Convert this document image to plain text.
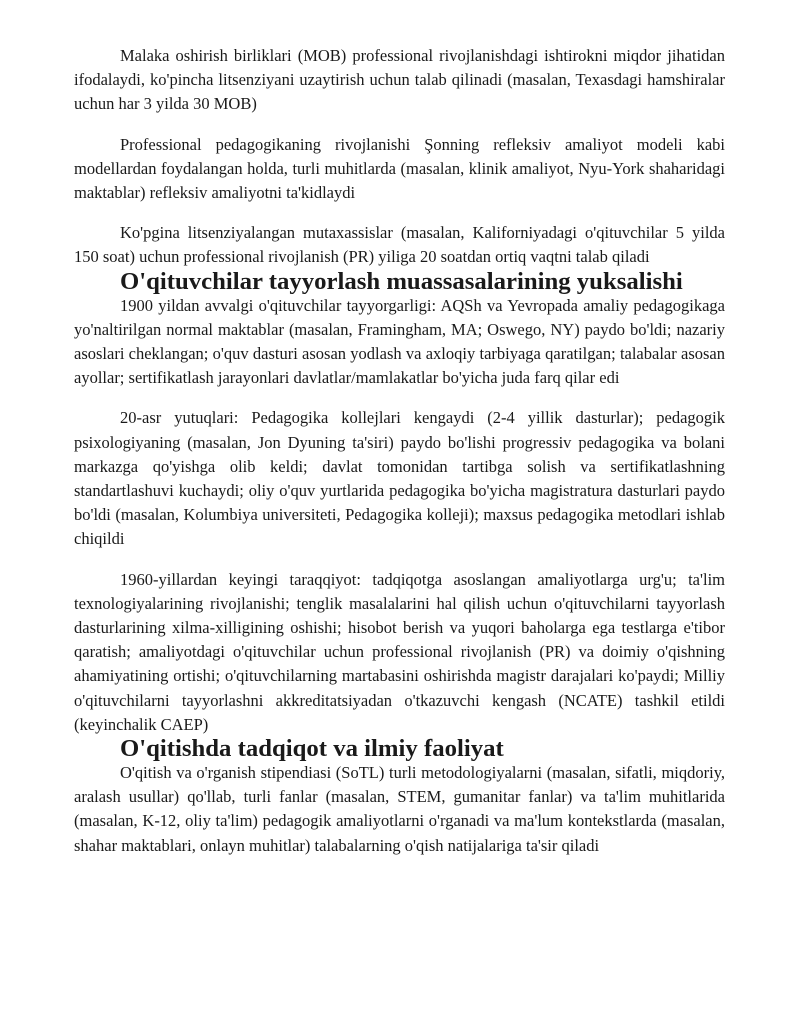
Malaka oshirish birliklari (MOB) professional rivojlanishdagi ishtirokni miqdor jihatidan ifodalaydi, ko'pincha litsenziyani uzaytirish uchun talab qilinadi (masalan, Texasdagi hamshiralar uchun har 3 yilda 30 MOB)

Professional pedagogikaning rivojlanishi Şonning refleksiv amaliyot modeli kabi modellardan foydalangan holda, turli muhitlarda (masalan, klinik amaliyot, Nyu-York shaharidagi maktablar) refleksiv amaliyotni ta'kidlaydi

Ko'pgina litsenziyalangan mutaxassislar (masalan, Kaliforniyadagi o'qituvchilar 5 yilda 150 soat) uchun professional rivojlanish (PR) yiliga 20 soatdan ortiq vaqtni talab qiladi

O'qituvchilar tayyorlash muassasalarining yuksalishi

1900 yildan avvalgi o'qituvchilar tayyorgarligi: AQSh va Yevropada amaliy pedagogikaga yo'naltirilgan normal maktablar (masalan, Framingham, MA; Oswego, NY) paydo bo'ldi; nazariy asoslari cheklangan; o'quv dasturi asosan yodlash va axloqiy tarbiyaga qaratilgan; talabalar asosan ayollar; sertifikatlash jarayonlari davlatlar/mamlakatlar bo'yicha juda farq qilar edi

20-asr yutuqlari: Pedagogika kollejlari kengaydi (2-4 yillik dasturlar); pedagogik psixologiyaning (masalan, Jon Dyuning ta'siri) paydo bo'lishi progressiv pedagogika va bolani markazga qo'yishga olib keldi; davlat tomonidan tartibga solish va sertifikatlashning standartlashuvi kuchaydi; oliy o'quv yurtlarida pedagogika bo'yicha magistratura dasturlari paydo bo'ldi (masalan, Kolumbiya universiteti, Pedagogika kolleji); maxsus pedagogika metodlari ishlab chiqildi

1960-yillardan keyingi taraqqiyot: tadqiqotga asoslangan amaliyotlarga urg'u; ta'lim texnologiyalarining rivojlanishi; tenglik masalalarini hal qilish uchun o'qituvchilarni tayyorlash dasturlarining xilma-xilligining oshishi; hisobot berish va yuqori baholarga ega testlarga e'tibor qaratish; amaliyotdagi o'qituvchilar uchun professional rivojlanish (PR) va doimiy o'qishning ahamiyatining ortishi; o'qituvchilarning martabasini oshirishda magistr darajalari ko'paydi; Milliy o'qituvchilarni tayyorlashni akkreditatsiyadan o'tkazuvchi kengash (NCATE) tashkil etildi (keyinchalik CAEP)

O'qitishda tadqiqot va ilmiy faoliyat

O'qitish va o'rganish stipendiasi (SoTL) turli metodologiyalarni (masalan, sifatli, miqdoriy, aralash usullar) qo'llab, turli fanlar (masalan, STEM, gumanitar fanlar) va ta'lim muhitlarida (masalan, K-12, oliy ta'lim) pedagogik amaliyotlarni o'rganadi va ma'lum kontekstlarda (masalan, shahar maktablari, onlayn muhitlar) talabalarning o'qish natijalariga ta'sir qiladi
